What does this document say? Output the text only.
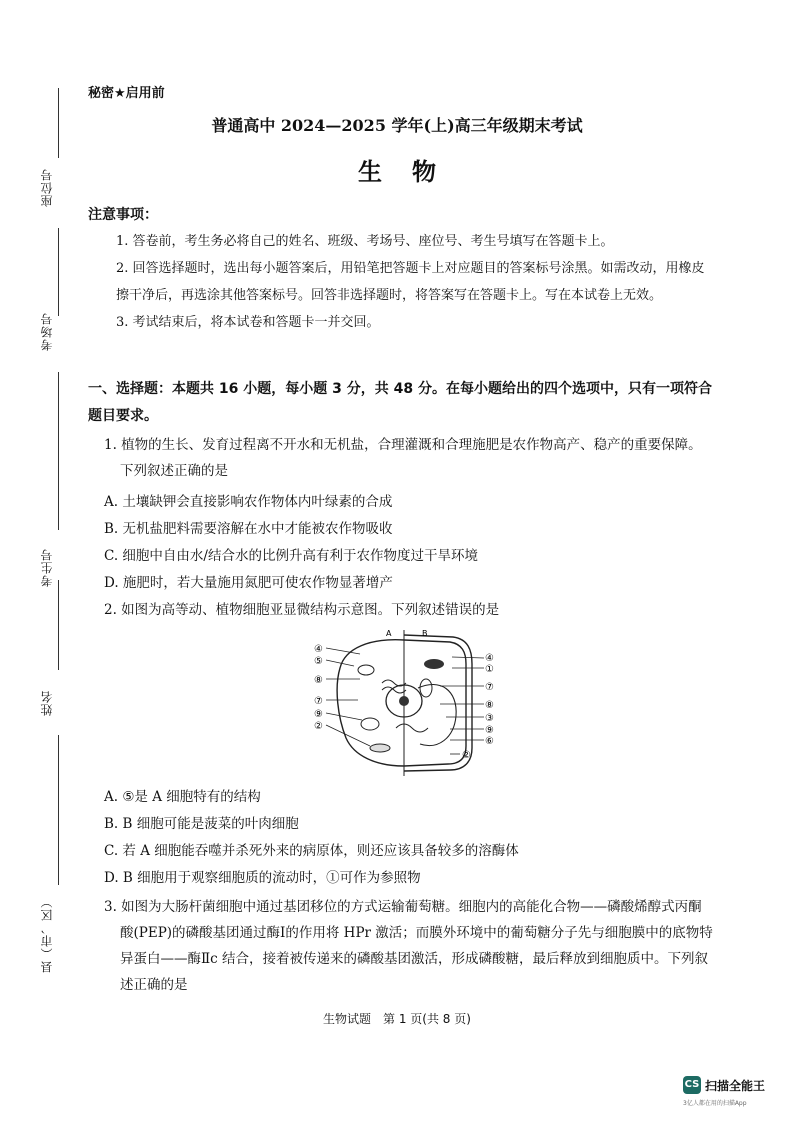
座位号
考场号
考生号
姓名
县（市、区）
秘密★启用前
普通高中 2024—2025 学年(上)高三年级期末考试
生物
注意事项：
1. 答卷前，考生务必将自己的姓名、班级、考场号、座位号、考生号填写在答题卡上。
2. 回答选择题时，选出每小题答案后，用铅笔把答题卡上对应题目的答案标号涂黑。如需改动，用橡皮擦干净后，再选涂其他答案标号。回答非选择题时，将答案写在答题卡上。写在本试卷上无效。
3. 考试结束后，将本试卷和答题卡一并交回。
一、选择题：本题共 16 小题，每小题 3 分，共 48 分。在每小题给出的四个选项中，只有一项符合题目要求。
1. 植物的生长、发育过程离不开水和无机盐，合理灌溉和合理施肥是农作物高产、稳产的重要保障。下列叙述正确的是
A. 土壤缺钾会直接影响农作物体内叶绿素的合成
B. 无机盐肥料需要溶解在水中才能被农作物吸收
C. 细胞中自由水/结合水的比例升高有利于农作物度过干旱环境
D. 施肥时，若大量施用氮肥可使农作物显著增产
2. 如图为高等动、植物细胞亚显微结构示意图。下列叙述错误的是
A	B
④
⑤
⑧
⑦
⑨
②
④
①
⑦
⑧
③
⑨
⑥
②
A. ⑤是 A 细胞特有的结构
B. B 细胞可能是菠菜的叶肉细胞
C. 若 A 细胞能吞噬并杀死外来的病原体，则还应该具备较多的溶酶体
D. B 细胞用于观察细胞质的流动时，①可作为参照物
3. 如图为大肠杆菌细胞中通过基团移位的方式运输葡萄糖。细胞内的高能化合物——磷酸烯醇式丙酮酸(PEP)的磷酸基团通过酶Ⅰ的作用将 HPr 激活；而膜外环境中的葡萄糖分子先与细胞膜中的底物特异蛋白——酶Ⅱc 结合，接着被传递来的磷酸基团激活，形成磷酸糖，最后释放到细胞质中。下列叙述正确的是
生物试题　第 1 页(共 8 页)
CS 扫描全能王
3亿人都在用的扫描App
